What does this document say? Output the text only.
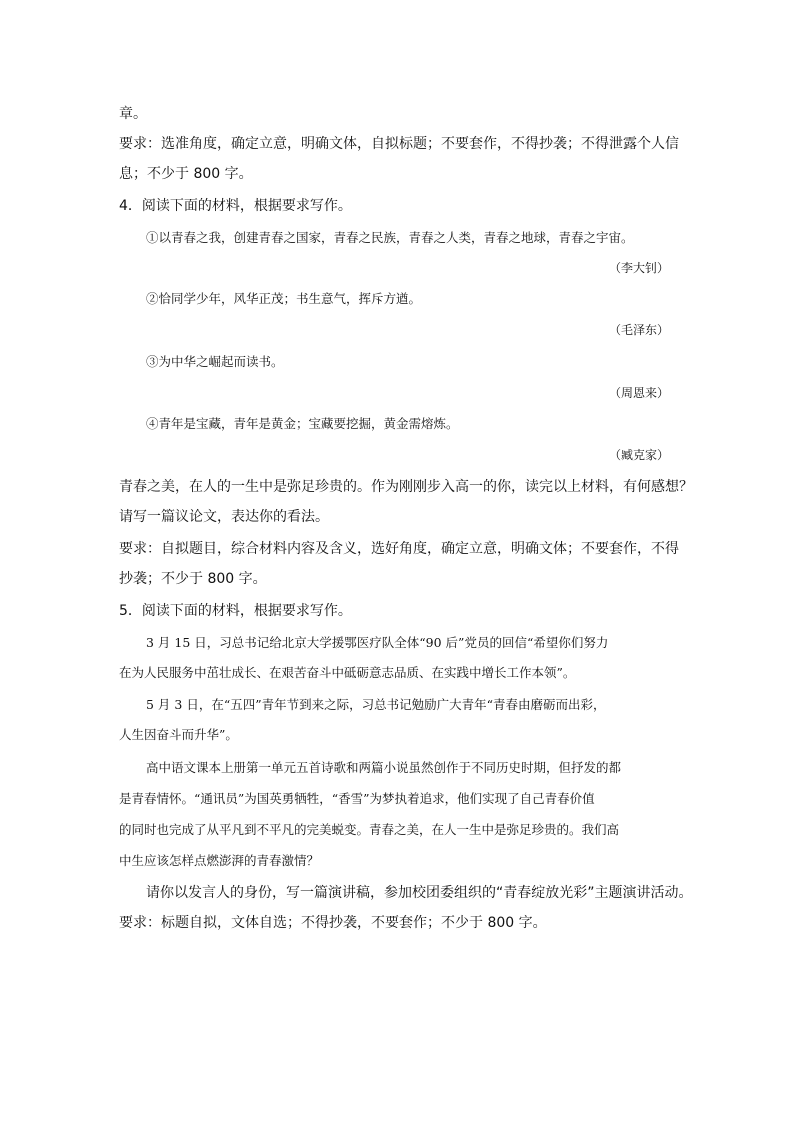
章。
要求：选准角度，确定立意，明确文体，自拟标题；不要套作，不得抄袭；不得泄露个人信
息；不少于 800 字。
4．阅读下面的材料，根据要求写作。
①以青春之我，创建青春之国家，青春之民族，青春之人类，青春之地球，青春之宇宙。
（李大钊）
②恰同学少年，风华正茂；书生意气，挥斥方遒。
（毛泽东）
③为中华之崛起而读书。
（周恩来）
④青年是宝藏，青年是黄金；宝藏要挖掘，黄金需熔炼。
（臧克家）
青春之美，在人的一生中是弥足珍贵的。作为刚刚步入高一的你，读完以上材料，有何感想？
请写一篇议论文，表达你的看法。
要求：自拟题目，综合材料内容及含义，选好角度，确定立意，明确文体；不要套作，不得
抄袭；不少于 800 字。
5．阅读下面的材料，根据要求写作。
3 月 15 日，习总书记给北京大学援鄂医疗队全体“90 后”党员的回信“希望你们努力
在为人民服务中茁壮成长、在艰苦奋斗中砥砺意志品质、在实践中增长工作本领”。
5 月 3 日，在“五四”青年节到来之际，习总书记勉励广大青年“青春由磨砺而出彩，
人生因奋斗而升华”。
高中语文课本上册第一单元五首诗歌和两篇小说虽然创作于不同历史时期，但抒发的都
是青春情怀。“通讯员”为国英勇牺牲，“香雪”为梦执着追求，他们实现了自己青春价值
的同时也完成了从平凡到不平凡的完美蜕变。青春之美，在人一生中是弥足珍贵的。我们高
中生应该怎样点燃澎湃的青春激情？
请你以发言人的身份，写一篇演讲稿，参加校团委组织的“青春绽放光彩”主题演讲活动。
要求：标题自拟，文体自选；不得抄袭，不要套作；不少于 800 字。
